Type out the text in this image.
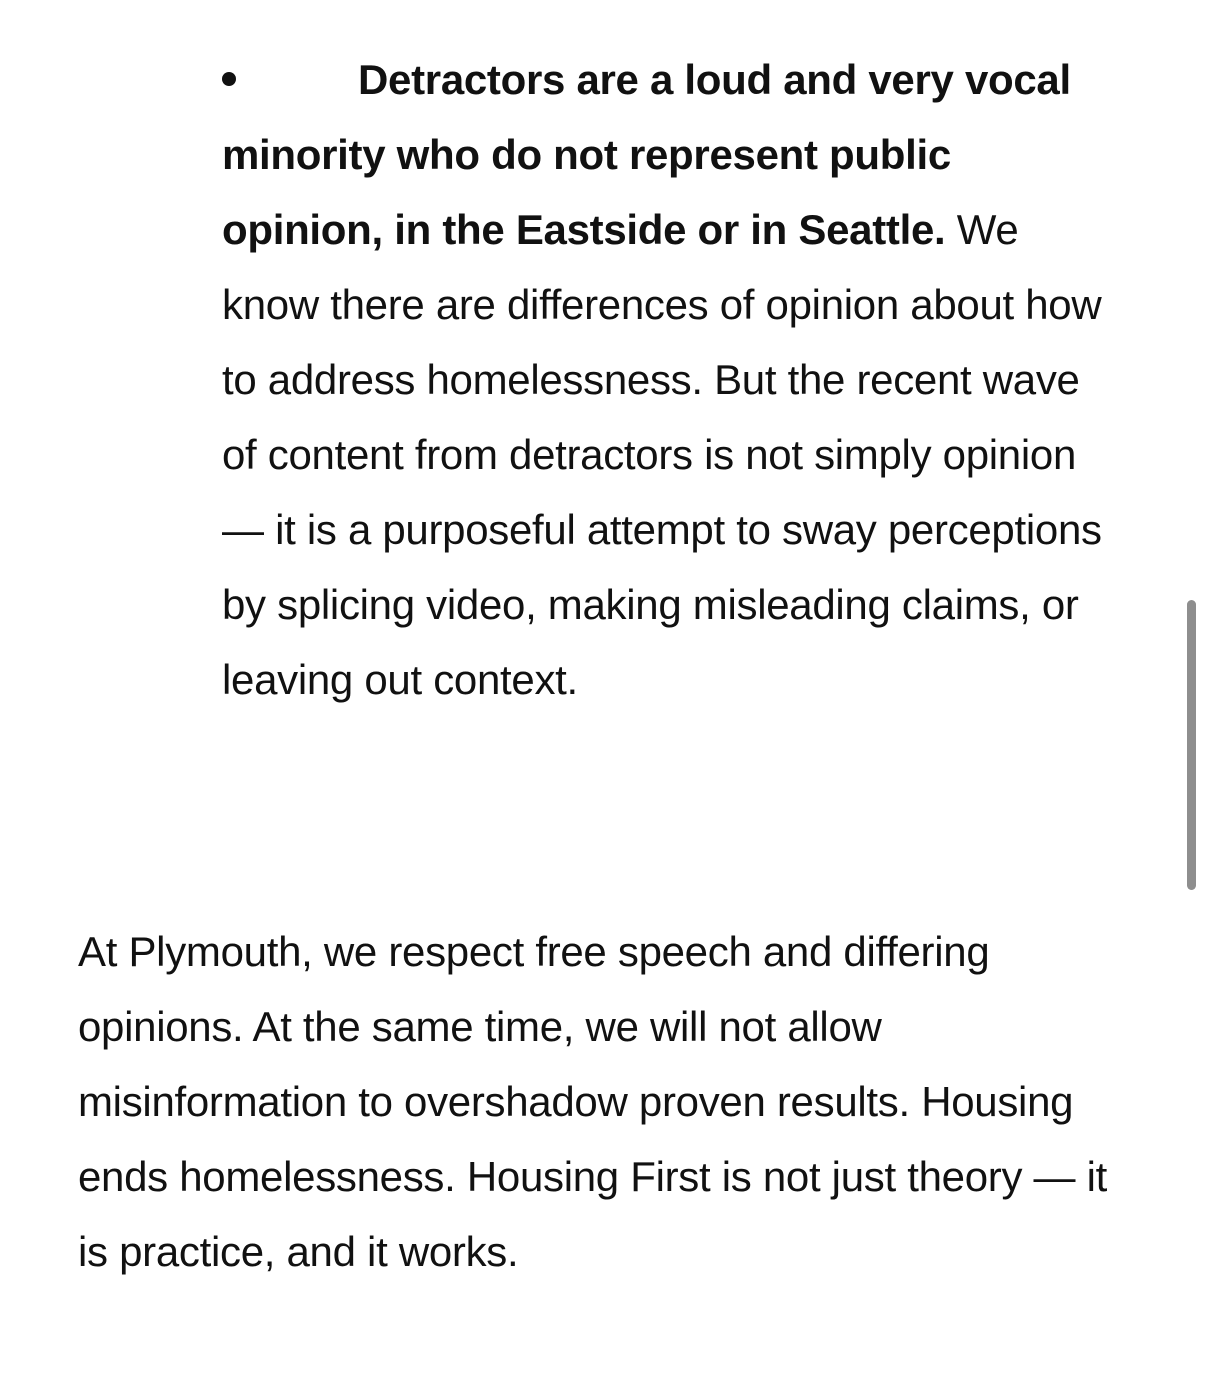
Detractors are a loud and very vocal minority who do not represent public opinion, in the Eastside or in Seattle. We know there are differences of opinion about how to address homelessness. But the recent wave of content from detractors is not simply opinion — it is a purposeful attempt to sway perceptions by splicing video, making misleading claims, or leaving out context.

At Plymouth, we respect free speech and differing opinions. At the same time, we will not allow misinformation to overshadow proven results. Housing ends homelessness. Housing First is not just theory — it is practice, and it works.
